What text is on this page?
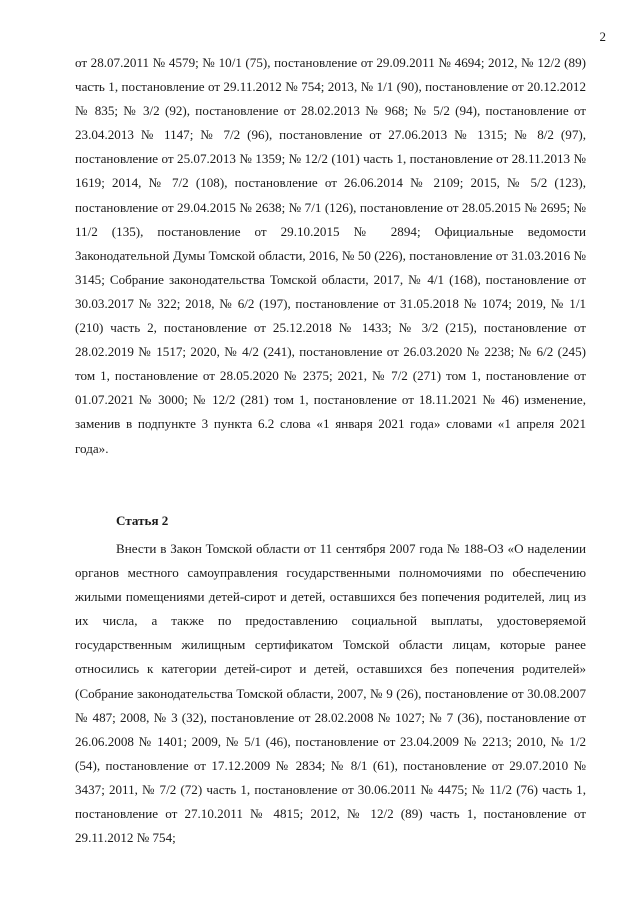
2

от 28.07.2011 № 4579; № 10/1 (75), постановление от 29.09.2011 № 4694; 2012, № 12/2 (89) часть 1, постановление от 29.11.2012 № 754; 2013, № 1/1 (90), постановление от 20.12.2012 № 835; № 3/2 (92), постановление от 28.02.2013 № 968; № 5/2 (94), постановление от 23.04.2013 № 1147; № 7/2 (96), постановление от 27.06.2013 № 1315; № 8/2 (97), постановление от 25.07.2013 № 1359; № 12/2 (101) часть 1, постановление от 28.11.2013 № 1619; 2014, № 7/2 (108), постановление от 26.06.2014 № 2109; 2015, № 5/2 (123), постановление от 29.04.2015 № 2638; № 7/1 (126), постановление от 28.05.2015 № 2695; № 11/2 (135), постановление от 29.10.2015 № 2894; Официальные ведомости Законодательной Думы Томской области, 2016, № 50 (226), постановление от 31.03.2016 № 3145; Собрание законодательства Томской области, 2017, № 4/1 (168), постановление от 30.03.2017 № 322; 2018, № 6/2 (197), постановление от 31.05.2018 № 1074; 2019, № 1/1 (210) часть 2, постановление от 25.12.2018 № 1433; № 3/2 (215), постановление от 28.02.2019 № 1517; 2020, № 4/2 (241), постановление от 26.03.2020 № 2238; № 6/2 (245) том 1, постановление от 28.05.2020 № 2375; 2021, № 7/2 (271) том 1, постановление от 01.07.2021 № 3000; № 12/2 (281) том 1, постановление от 18.11.2021 № 46) изменение, заменив в подпункте 3 пункта 6.2 слова «1 января 2021 года» словами «1 апреля 2021 года».

Статья 2

Внести в Закон Томской области от 11 сентября 2007 года № 188-ОЗ «О наделении органов местного самоуправления государственными полномочиями по обеспечению жилыми помещениями детей-сирот и детей, оставшихся без попечения родителей, лиц из их числа, а также по предоставлению социальной выплаты, удостоверяемой государственным жилищным сертификатом Томской области лицам, которые ранее относились к категории детей-сирот и детей, оставшихся без попечения родителей» (Собрание законодательства Томской области, 2007, № 9 (26), постановление от 30.08.2007 № 487; 2008, № 3 (32), постановление от 28.02.2008 № 1027; № 7 (36), постановление от 26.06.2008 № 1401; 2009, № 5/1 (46), постановление от 23.04.2009 № 2213; 2010, № 1/2 (54), постановление от 17.12.2009 № 2834; № 8/1 (61), постановление от 29.07.2010 № 3437; 2011, № 7/2 (72) часть 1, постановление от 30.06.2011 № 4475; № 11/2 (76) часть 1, постановление от 27.10.2011 № 4815; 2012, № 12/2 (89) часть 1, постановление от 29.11.2012 № 754;
